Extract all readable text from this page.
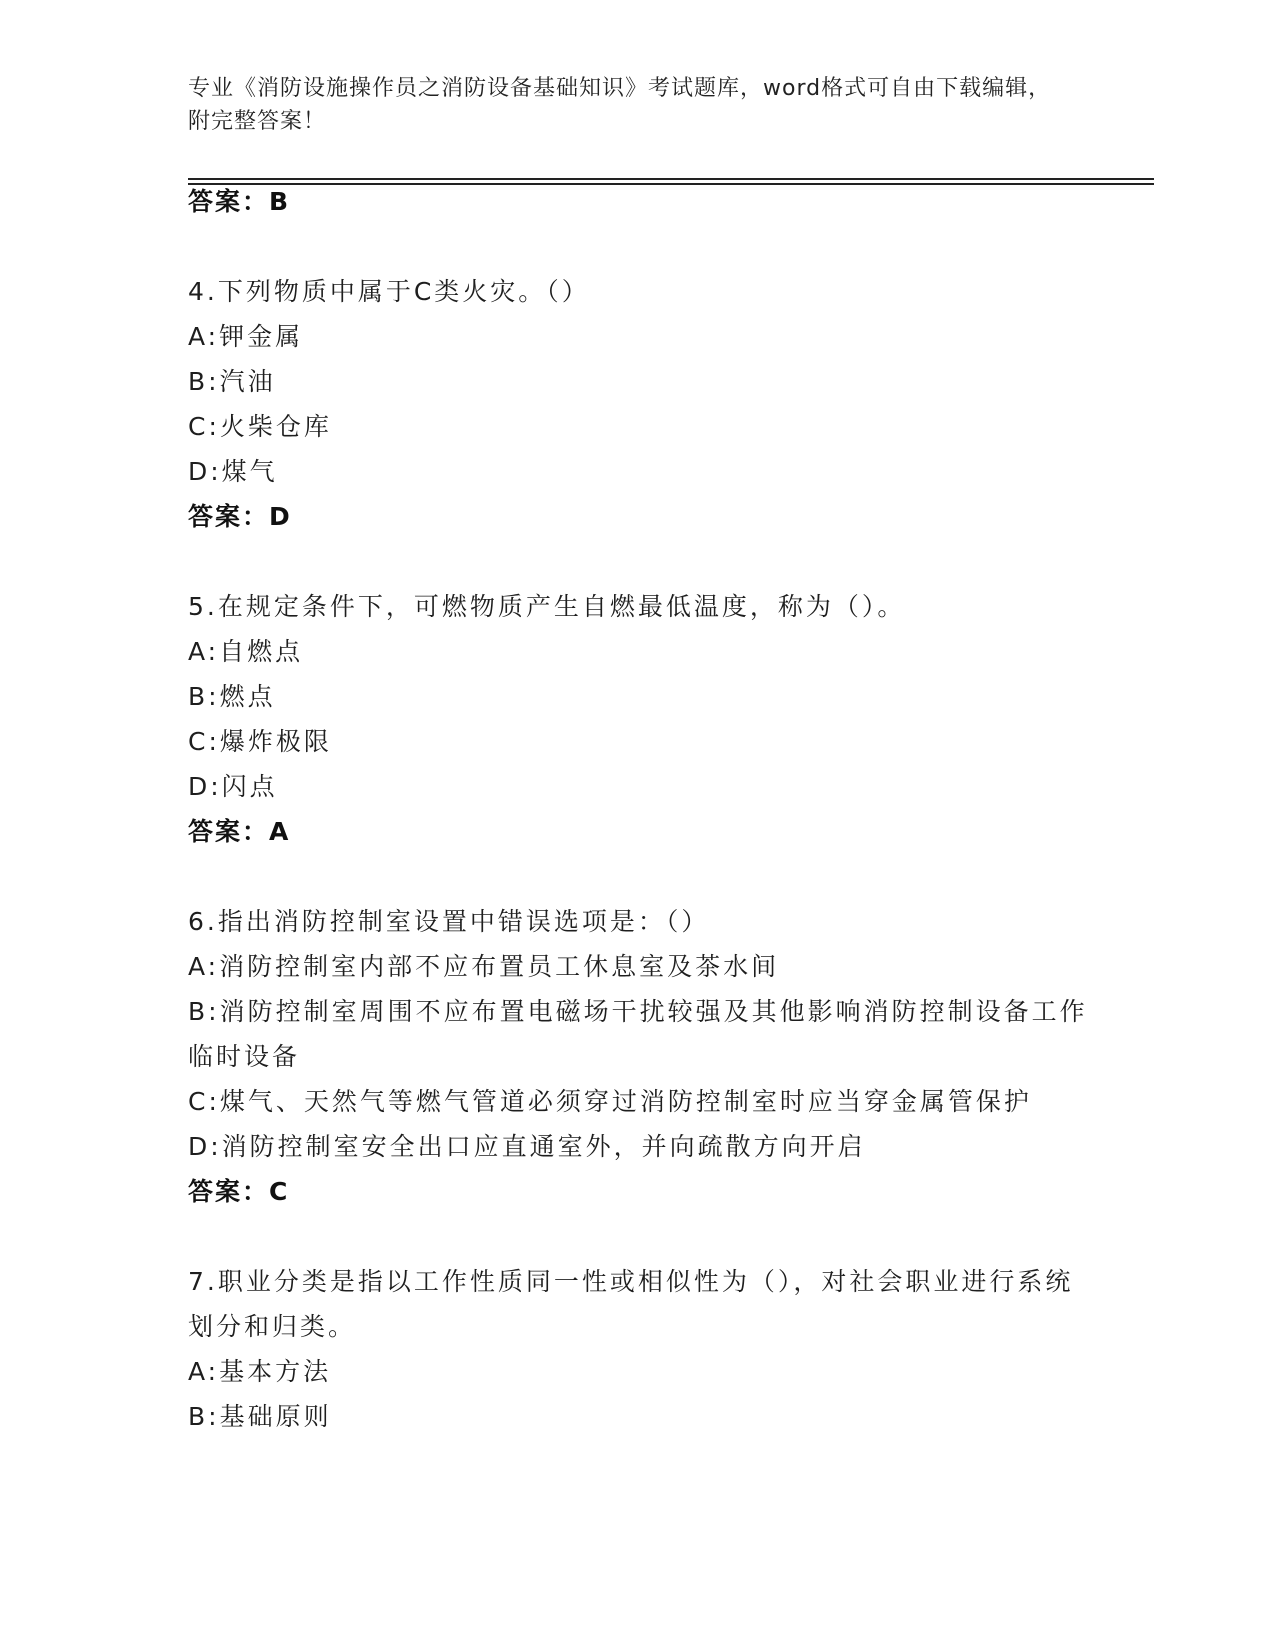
专业《消防设施操作员之消防设备基础知识》考试题库，word格式可自由下载编辑，附完整答案！
答案：B
4.下列物质中属于C类火灾。（）
A:钾金属
B:汽油
C:火柴仓库
D:煤气
答案：D
5.在规定条件下，可燃物质产生自燃最低温度，称为（）。
A:自燃点
B:燃点
C:爆炸极限
D:闪点
答案：A
6.指出消防控制室设置中错误选项是：（）
A:消防控制室内部不应布置员工休息室及茶水间
B:消防控制室周围不应布置电磁场干扰较强及其他影响消防控制设备工作临时设备
C:煤气、天然气等燃气管道必须穿过消防控制室时应当穿金属管保护
D:消防控制室安全出口应直通室外，并向疏散方向开启
答案：C
7.职业分类是指以工作性质同一性或相似性为（），对社会职业进行系统划分和归类。
A:基本方法
B:基础原则
